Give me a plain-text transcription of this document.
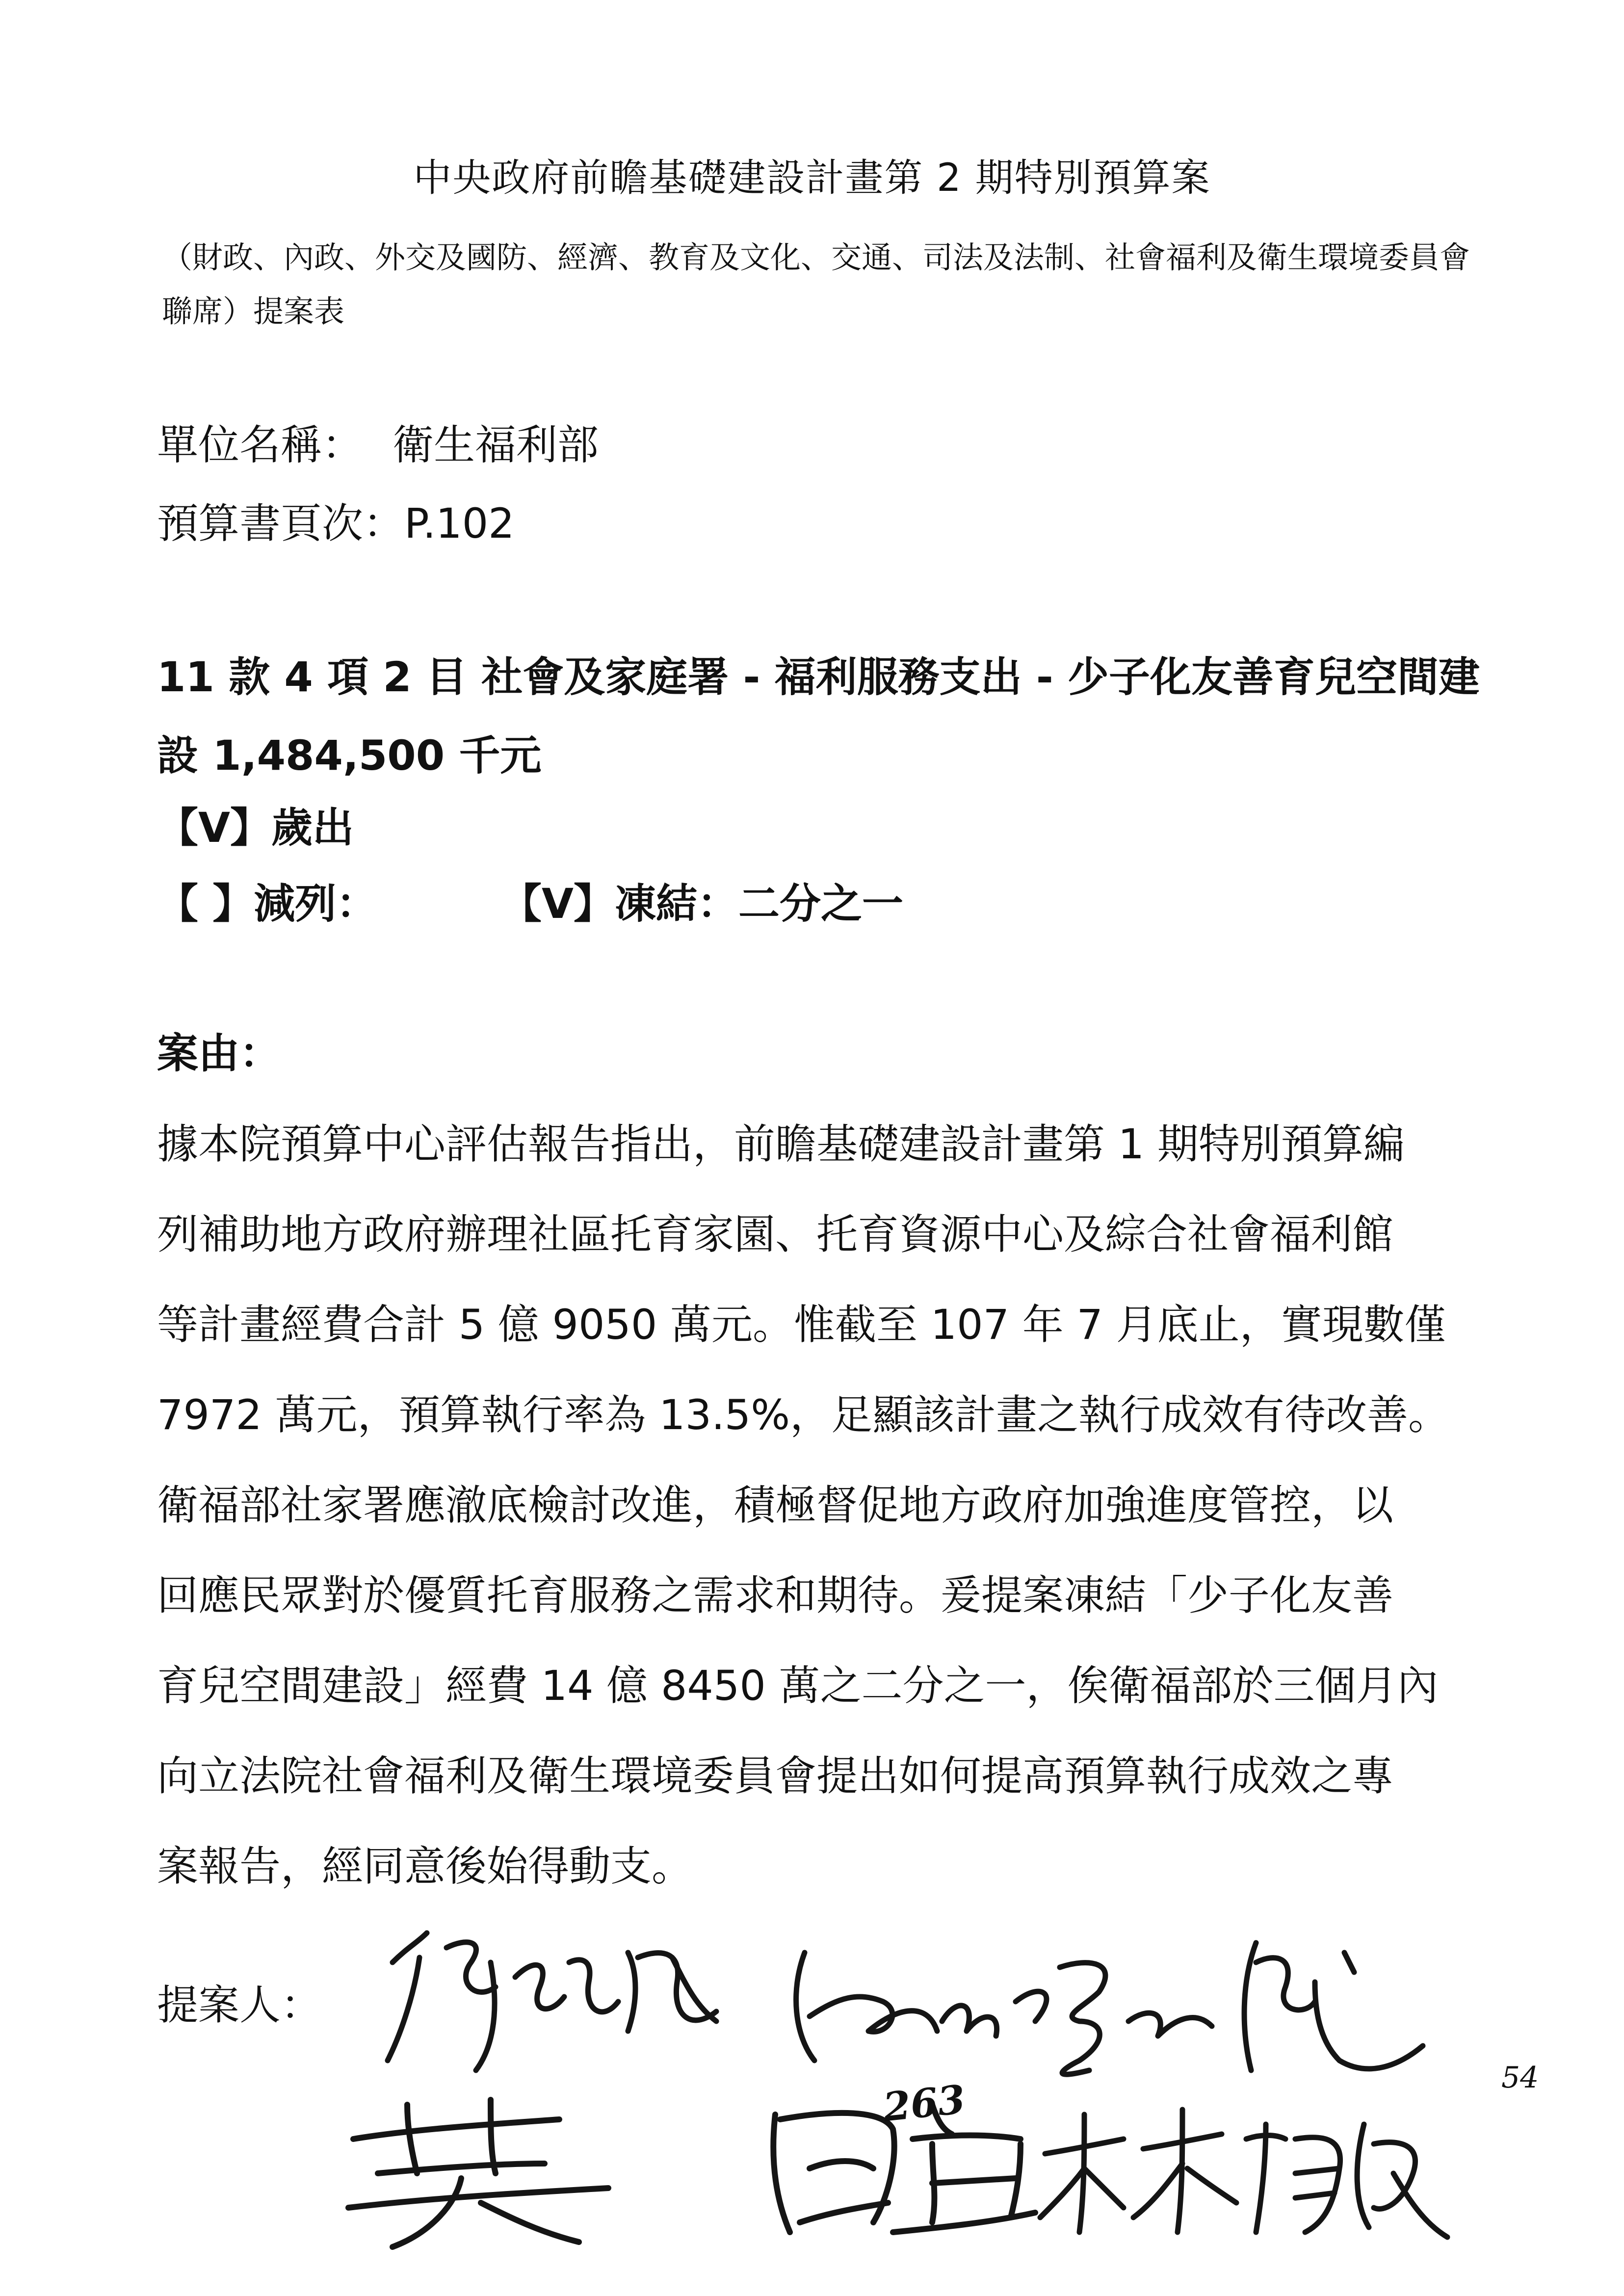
中央政府前瞻基礎建設計畫第 2 期特別預算案
（財政、內政、外交及國防、經濟、教育及文化、交通、司法及法制、社會福利及衛生環境委員會聯席）提案表
單位名稱： 衛生福利部
預算書頁次：P.102
11 款 4 項 2 目 社會及家庭署 - 福利服務支出 - 少子化友善育兒空間建設 1,484,500 千元
【V】歲出
【 】減列：	【V】凍結：二分之一
案由：
據本院預算中心評估報告指出，前瞻基礎建設計畫第 1 期特別預算編
列補助地方政府辦理社區托育家園、托育資源中心及綜合社會福利館
等計畫經費合計 5 億 9050 萬元。惟截至 107 年 7 月底止，實現數僅
7972 萬元，預算執行率為 13.5%，足顯該計畫之執行成效有待改善。
衛福部社家署應澈底檢討改進，積極督促地方政府加強進度管控，以
回應民眾對於優質托育服務之需求和期待。爰提案凍結「少子化友善
育兒空間建設」經費 14 億 8450 萬之二分之一，俟衛福部於三個月內
向立法院社會福利及衛生環境委員會提出如何提高預算執行成效之專
案報告，經同意後始得動支。
提案人：
263	54
